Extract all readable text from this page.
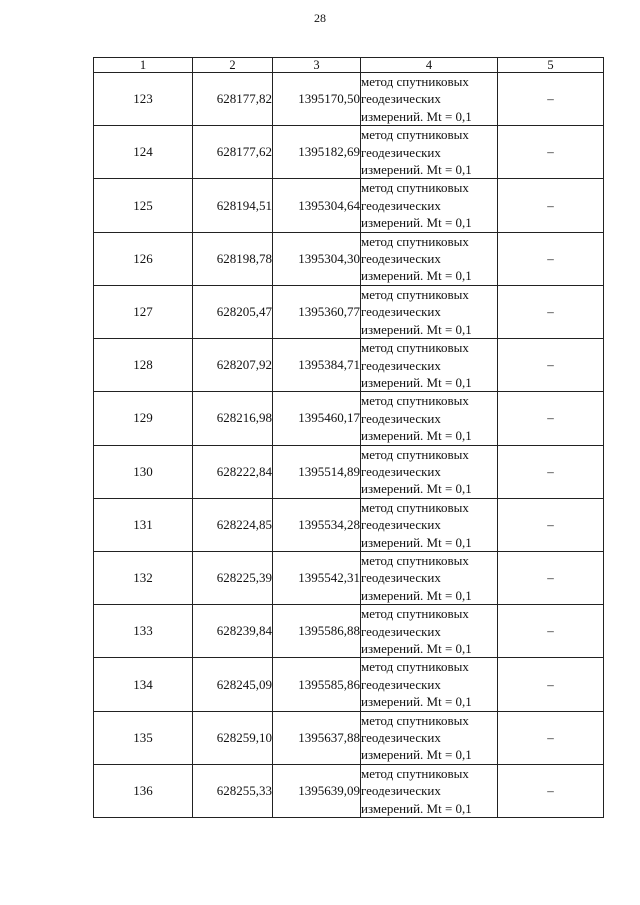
28
1	2	3	4	5
123	628177,82	1395170,50	метод спутниковых
геодезических
измерений. Mt = 0,1	–
124	628177,62	1395182,69	метод спутниковых
геодезических
измерений. Mt = 0,1	–
125	628194,51	1395304,64	метод спутниковых
геодезических
измерений. Mt = 0,1	–
126	628198,78	1395304,30	метод спутниковых
геодезических
измерений. Mt = 0,1	–
127	628205,47	1395360,77	метод спутниковых
геодезических
измерений. Mt = 0,1	–
128	628207,92	1395384,71	метод спутниковых
геодезических
измерений. Mt = 0,1	–
129	628216,98	1395460,17	метод спутниковых
геодезических
измерений. Mt = 0,1	–
130	628222,84	1395514,89	метод спутниковых
геодезических
измерений. Mt = 0,1	–
131	628224,85	1395534,28	метод спутниковых
геодезических
измерений. Mt = 0,1	–
132	628225,39	1395542,31	метод спутниковых
геодезических
измерений. Mt = 0,1	–
133	628239,84	1395586,88	метод спутниковых
геодезических
измерений. Mt = 0,1	–
134	628245,09	1395585,86	метод спутниковых
геодезических
измерений. Mt = 0,1	–
135	628259,10	1395637,88	метод спутниковых
геодезических
измерений. Mt = 0,1	–
136	628255,33	1395639,09	метод спутниковых
геодезических
измерений. Mt = 0,1	–
